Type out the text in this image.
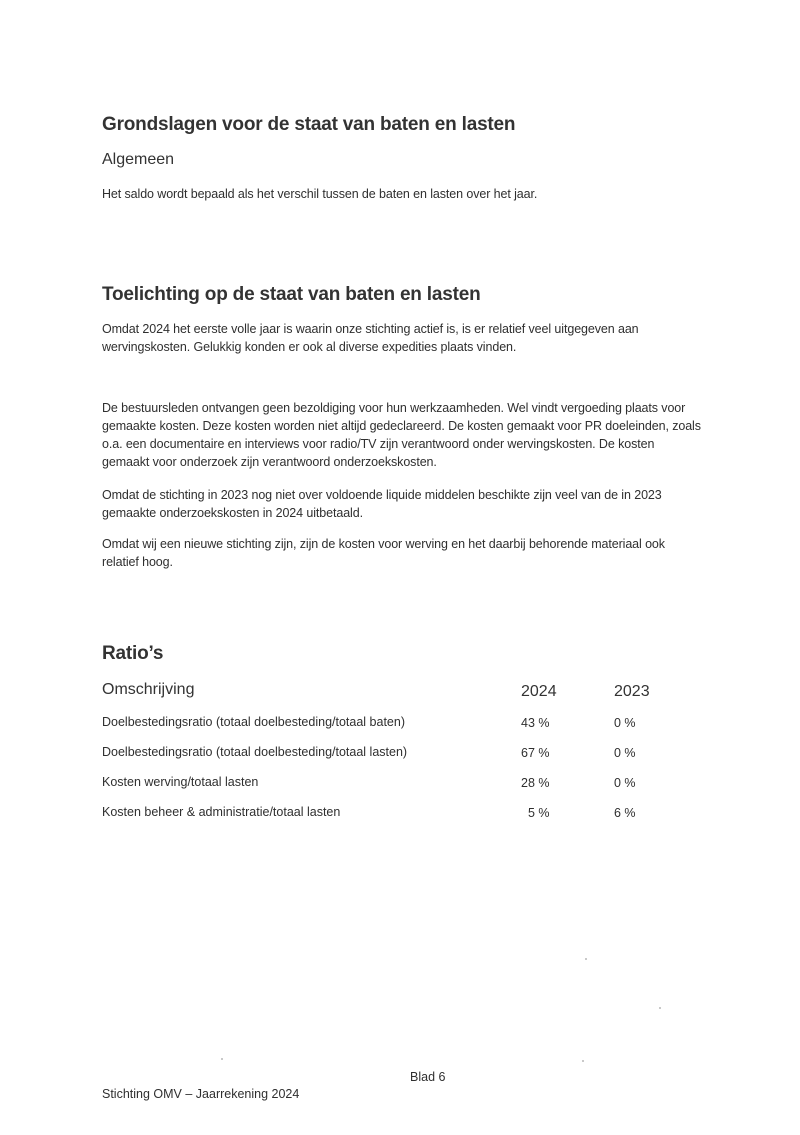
Grondslagen voor de staat van baten en lasten
Algemeen
Het saldo wordt bepaald als het verschil tussen de baten en lasten over het jaar.
Toelichting op de staat van baten en lasten
Omdat 2024 het eerste volle jaar is waarin onze stichting actief is, is er relatief veel uitgegeven aan
wervingskosten. Gelukkig konden er ook al diverse expedities plaats vinden.
De bestuursleden ontvangen geen bezoldiging voor hun werkzaamheden. Wel vindt vergoeding plaats voor
gemaakte kosten. Deze kosten worden niet altijd gedeclareerd. De kosten gemaakt voor PR doeleinden, zoals
o.a. een documentaire en interviews voor radio/TV zijn verantwoord onder wervingskosten. De kosten
gemaakt voor onderzoek zijn verantwoord onderzoekskosten.
Omdat de stichting in 2023 nog niet over voldoende liquide middelen beschikte zijn veel van de in 2023
gemaakte onderzoekskosten in 2024 uitbetaald.
Omdat wij een nieuwe stichting zijn, zijn de kosten voor werving en het daarbij behorende materiaal ook
relatief hoog.
Ratio’s
Omschrijving	2024	2023
Doelbestedingsratio (totaal doelbesteding/totaal baten)	43 %	0 %
Doelbestedingsratio (totaal doelbesteding/totaal lasten)	67 %	0 %
Kosten werving/totaal lasten	28 %	0 %
Kosten beheer & administratie/totaal lasten	5 %	6 %
Blad 6
Stichting OMV – Jaarrekening 2024
